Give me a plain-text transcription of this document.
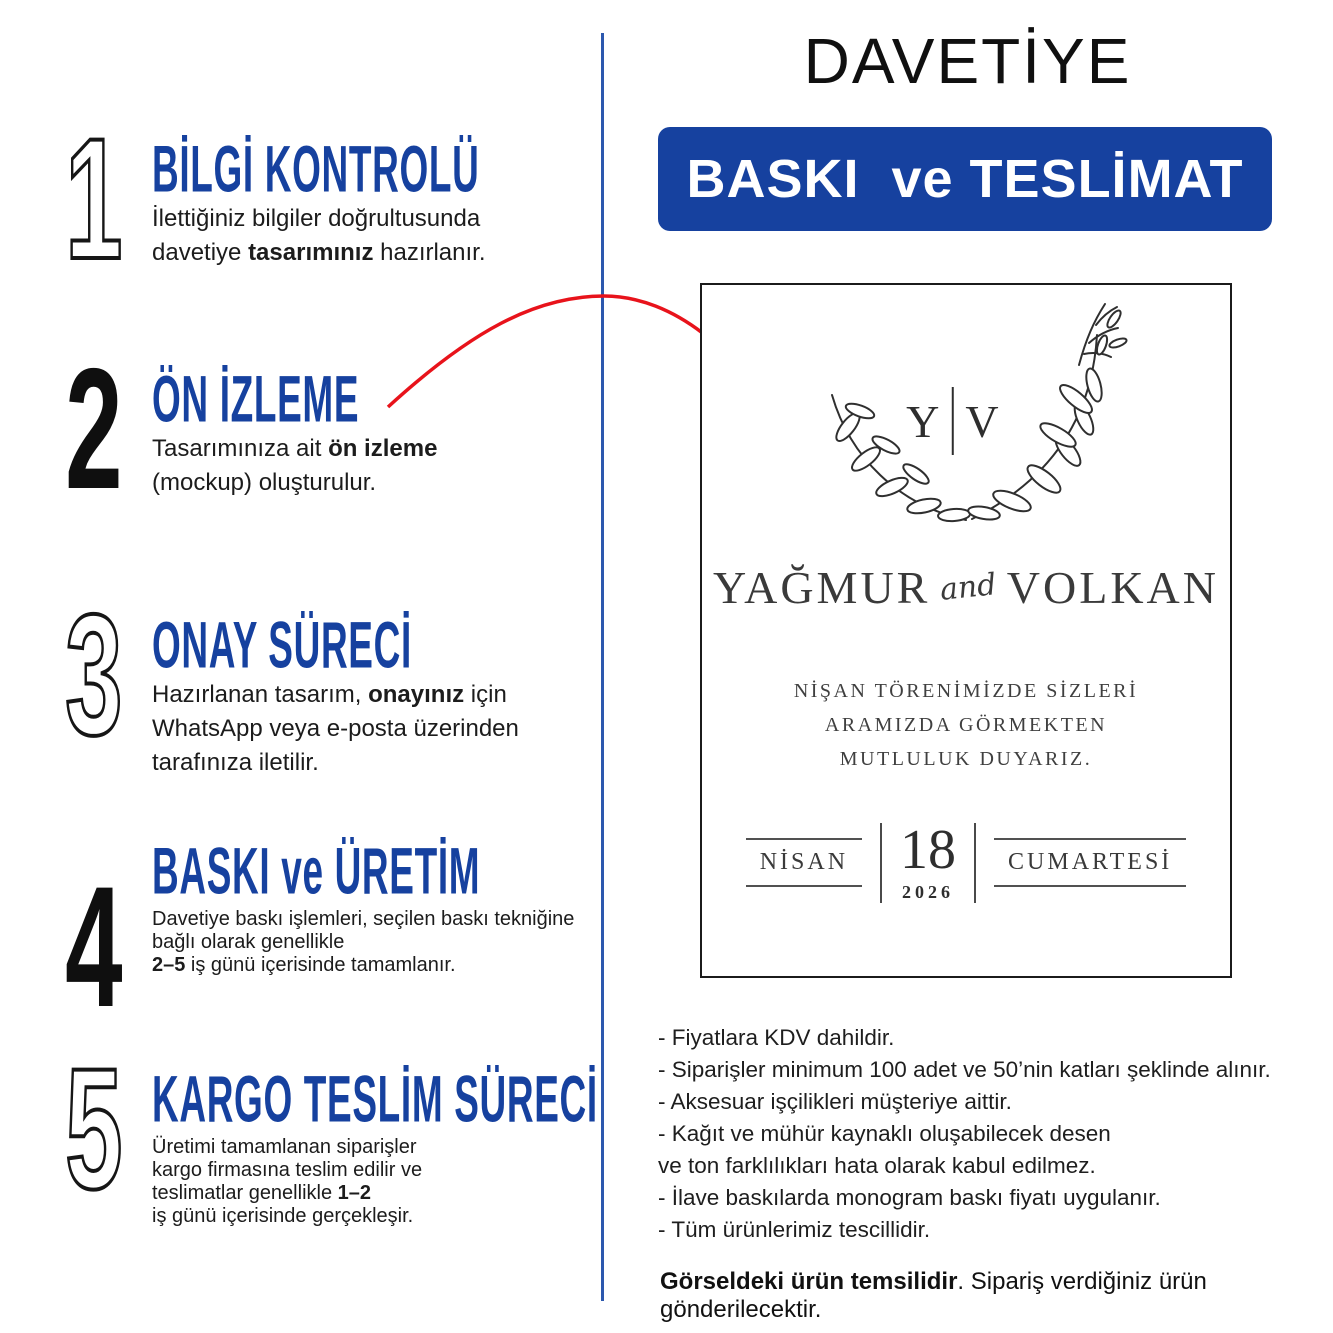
1 BİLGİ KONTROLÜ

İlettiğiniz bilgiler doğrultusunda
davetiye tasarımınız hazırlanır.

2 ÖN İZLEME

Tasarımınıza ait ön izleme
(mockup) oluşturulur.

3 ONAY SÜRECİ

Hazırlanan tasarım, onayınız için
WhatsApp veya e-posta üzerinden
tarafınıza iletilir.

4 BASKI ve ÜRETİM

Davetiye baskı işlemleri, seçilen baskı tekniğine
bağlı olarak genellikle
2–5 iş günü içerisinde tamamlanır.

5 KARGO TESLİM SÜRECİ

Üretimi tamamlanan siparişler
kargo firmasına teslim edilir ve
teslimatlar genellikle 1–2
iş günü içerisinde gerçekleşir.

DAVETİYE
BASKI  ve TESLİMAT
Y V
YAĞMUR and VOLKAN
NİŞAN TÖRENİMİZDE SİZLERİ
ARAMIZDA GÖRMEKTEN
MUTLULUK DUYARIZ.
NİSAN 18
2026
CUMARTESİ
- Fiyatlara KDV dahildir.
- Siparişler minimum 100 adet ve 50’nin katları şeklinde alınır.
- Aksesuar işçilikleri müşteriye aittir.
- Kağıt ve mühür kaynaklı oluşabilecek desen
ve ton farklılıkları hata olarak kabul edilmez.
- İlave baskılarda monogram baskı fiyatı uygulanır.
- Tüm ürünlerimiz tescillidir.

Görseldeki ürün temsilidir. Sipariş verdiğiniz ürün gönderilecektir.
